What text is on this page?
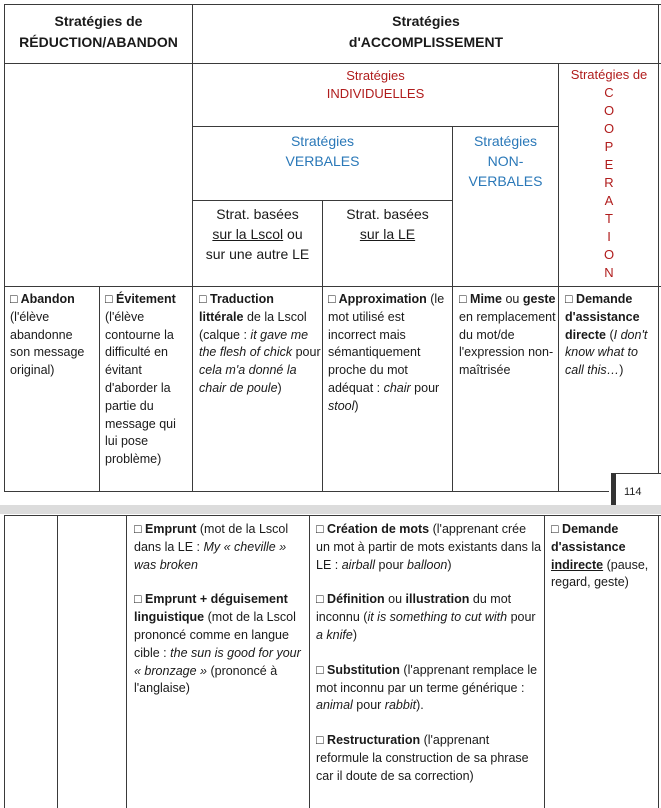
114
Stratégies de
RÉDUCTION/ABANDON
Stratégies
d'ACCOMPLISSEMENT
Stratégies
INDIVIDUELLES
Stratégies de
C
O
O
P
E
R
A
T
I
O
N
Stratégies
VERBALES
Stratégies
NON-
VERBALES
Strat. basées
sur la Lscol ou
sur une autre LE
Strat. basées
sur la LE
□ Abandon (l'élève abandonne son message original)
□ Évitement (l'élève contourne la difficulté en évitant d'aborder la partie du message qui lui pose problème)
□ Traduction littérale de la Lscol (calque : it gave me the flesh of chick pour cela m'a donné la chair de poule)
□ Approximation (le mot utilisé est incorrect mais sémantiquement proche du mot adéquat : chair pour stool)
□ Mime ou geste en remplacement du mot/de l'expression non-maîtrisée
□ Demande d'assistance directe (I don't know what to call this…)
□ Emprunt (mot de la Lscol dans la LE : My « cheville » was broken
□ Emprunt + déguisement linguistique (mot de la Lscol prononcé comme en langue cible : the sun is good for your « bronzage » (prononcé à l'anglaise)
□ Création de mots (l'apprenant crée un mot à partir de mots existants dans la LE : airball pour balloon)
□ Définition ou illustration du mot inconnu (it is something to cut with pour a knife)
□ Substitution (l'apprenant remplace le mot inconnu par un terme générique : animal pour rabbit).
□ Restructuration (l'apprenant reformule la construction de sa phrase car il doute de sa correction)
□ Demande d'assistance indirecte (pause, regard, geste)
